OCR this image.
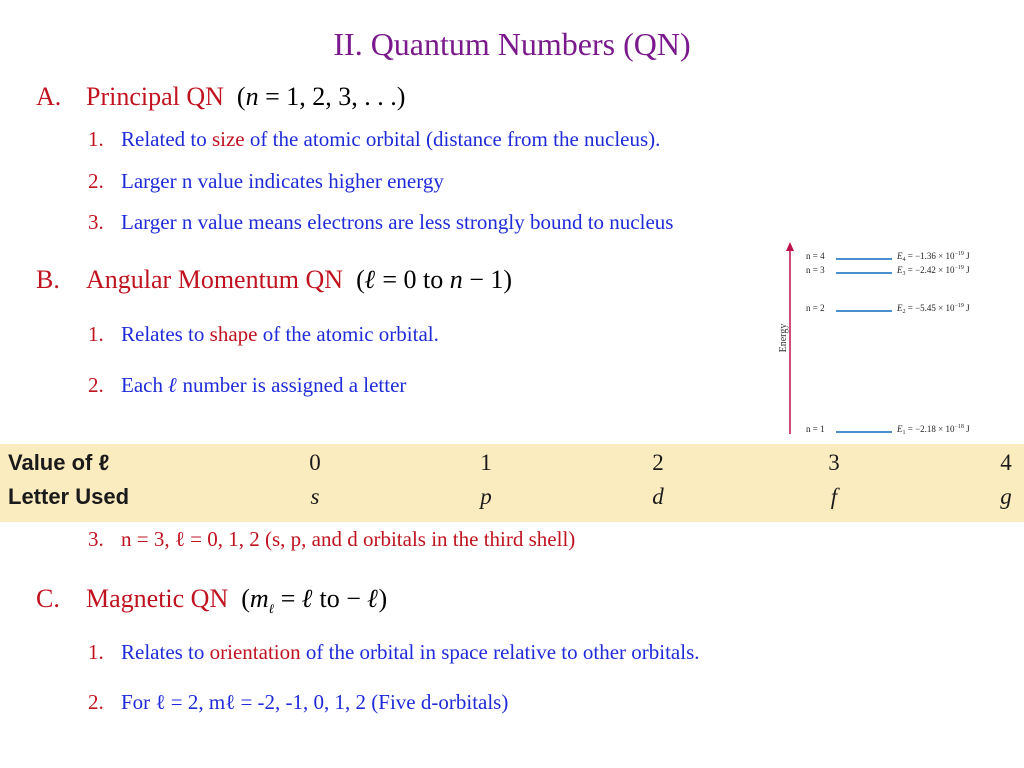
II. Quantum Numbers (QN)
A. Principal QN (n = 1, 2, 3, . . .)
1. Related to size of the atomic orbital (distance from the nucleus).
2. Larger n value indicates higher energy
3. Larger n value means electrons are less strongly bound to nucleus
B. Angular Momentum QN (ℓ = 0 to n − 1)
1. Relates to shape of the atomic orbital.
2. Each ℓ number is assigned a letter
Energy
n = 4	$E_4 = -1.36 \times 10^{-19}$ J
n = 3	$E_3 = -2.42 \times 10^{-19}$ J
n = 2	$E_2 = -5.45 \times 10^{-19}$ J
n = 1	$E_1 = -2.18 \times 10^{-18}$ J
Value of ℓ	0	1	2	3	4
Letter Used	s	p	d	f	g
3. n = 3, ℓ = 0, 1, 2 (s, p, and d orbitals in the third shell)
C. Magnetic QN ($m_\ell$ = ℓ to − ℓ)
1. Relates to orientation of the orbital in space relative to other orbitals.
2. For ℓ = 2, mℓ = -2, -1, 0, 1, 2 (Five d-orbitals)
